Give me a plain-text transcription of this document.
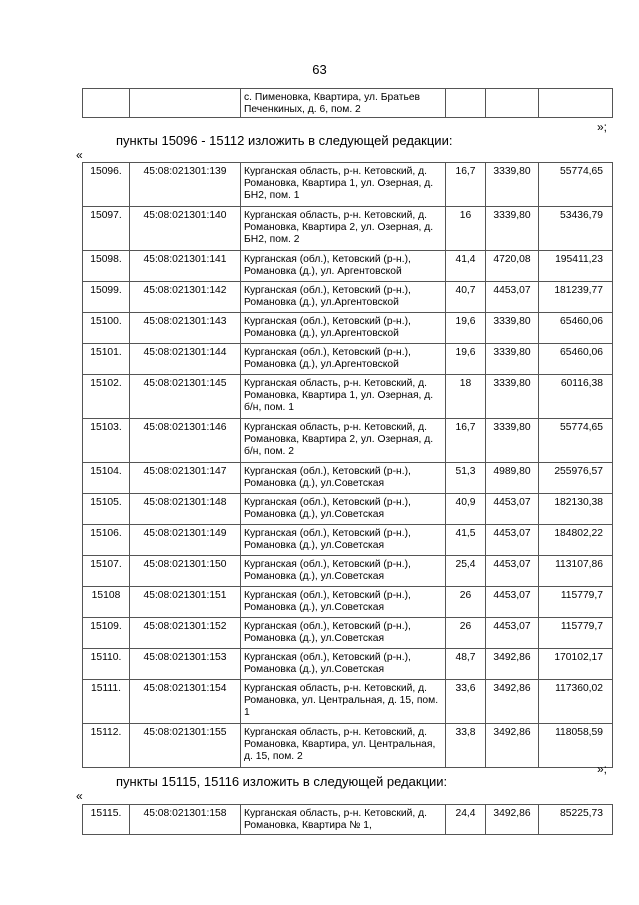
63
		с. Пименовка, Квартира, ул. Братьев Печенкиных, д. 6, пом. 2			
»;
пункты 15096 - 15112 изложить в следующей редакции:
«
15096.	45:08:021301:139	Курганская область, р-н. Кетовский, д. Романовка, Квартира 1, ул. Озерная, д. БН2, пом. 1	16,7	3339,80	55774,65
15097.	45:08:021301:140	Курганская область, р-н. Кетовский, д. Романовка, Квартира 2, ул. Озерная, д. БН2, пом. 2	16	3339,80	53436,79
15098.	45:08:021301:141	Курганская (обл.), Кетовский (р-н.), Романовка (д.), ул. Аргентовской	41,4	4720,08	195411,23
15099.	45:08:021301:142	Курганская (обл.), Кетовский (р-н.), Романовка (д.), ул.Аргентовской	40,7	4453,07	181239,77
15100.	45:08:021301:143	Курганская (обл.), Кетовский (р-н.), Романовка (д.), ул.Аргентовской	19,6	3339,80	65460,06
15101.	45:08:021301:144	Курганская (обл.), Кетовский (р-н.), Романовка (д.), ул.Аргентовской	19,6	3339,80	65460,06
15102.	45:08:021301:145	Курганская область, р-н. Кетовский, д. Романовка, Квартира 1, ул. Озерная, д. б/н, пом. 1	18	3339,80	60116,38
15103.	45:08:021301:146	Курганская область, р-н. Кетовский, д. Романовка, Квартира 2, ул. Озерная, д. б/н, пом. 2	16,7	3339,80	55774,65
15104.	45:08:021301:147	Курганская (обл.), Кетовский (р-н.), Романовка (д.), ул.Советская	51,3	4989,80	255976,57
15105.	45:08:021301:148	Курганская (обл.), Кетовский (р-н.), Романовка (д.), ул.Советская	40,9	4453,07	182130,38
15106.	45:08:021301:149	Курганская (обл.), Кетовский (р-н.), Романовка (д.), ул.Советская	41,5	4453,07	184802,22
15107.	45:08:021301:150	Курганская (обл.), Кетовский (р-н.), Романовка (д.), ул.Советская	25,4	4453,07	113107,86
15108	45:08:021301:151	Курганская (обл.), Кетовский (р-н.), Романовка (д.), ул.Советская	26	4453,07	115779,7
15109.	45:08:021301:152	Курганская (обл.), Кетовский (р-н.), Романовка (д.), ул.Советская	26	4453,07	115779,7
15110.	45:08:021301:153	Курганская (обл.), Кетовский (р-н.), Романовка (д.), ул.Советская	48,7	3492,86	170102,17
15111.	45:08:021301:154	Курганская область, р-н. Кетовский, д. Романовка, ул. Центральная, д. 15, пом. 1	33,6	3492,86	117360,02
15112.	45:08:021301:155	Курганская область, р-н. Кетовский, д. Романовка, Квартира, ул. Центральная, д. 15, пом. 2	33,8	3492,86	118058,59
»;
пункты 15115, 15116 изложить в следующей редакции:
«
15115.	45:08:021301:158	Курганская область, р-н. Кетовский, д. Романовка, Квартира № 1,	24,4	3492,86	85225,73
